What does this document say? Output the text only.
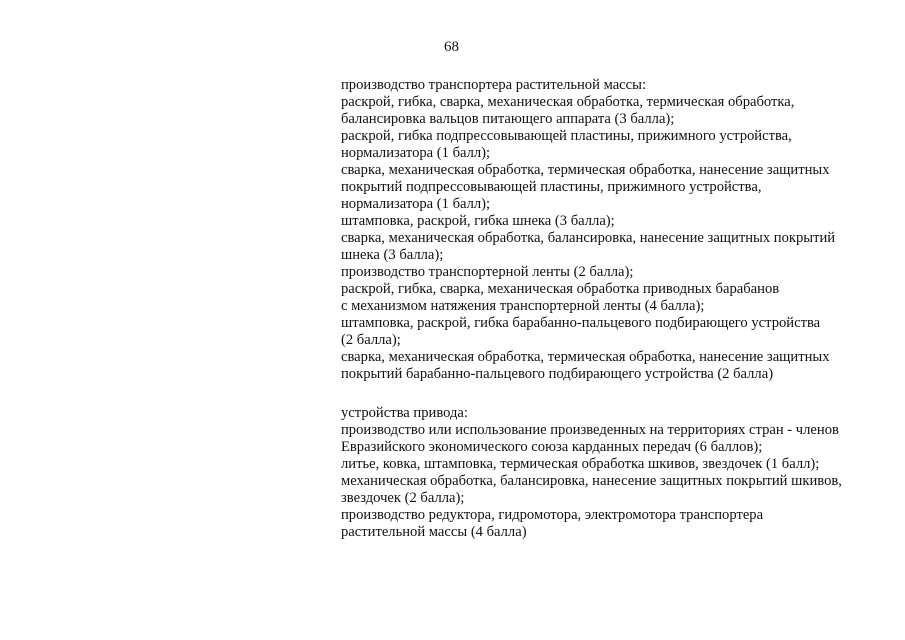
68
производство транспортера растительной массы:
раскрой, гибка, сварка, механическая обработка, термическая обработка,
балансировка вальцов питающего аппарата (3 балла);
раскрой, гибка подпрессовывающей пластины, прижимного устройства,
нормализатора (1 балл);
сварка, механическая обработка, термическая обработка, нанесение защитных
покрытий подпрессовывающей пластины, прижимного устройства,
нормализатора (1 балл);
штамповка, раскрой, гибка шнека (3 балла);
сварка, механическая обработка, балансировка, нанесение защитных покрытий
шнека (3 балла);
производство транспортерной ленты (2 балла);
раскрой, гибка, сварка, механическая обработка приводных барабанов
с механизмом натяжения транспортерной ленты (4 балла);
штамповка, раскрой, гибка барабанно-пальцевого подбирающего устройства
(2 балла);
сварка, механическая обработка, термическая обработка, нанесение защитных
покрытий барабанно-пальцевого подбирающего устройства (2 балла)
устройства привода:
производство или использование произведенных на территориях стран - членов
Евразийского экономического союза карданных передач (6 баллов);
литье, ковка, штамповка, термическая обработка шкивов, звездочек (1 балл);
механическая обработка, балансировка, нанесение защитных покрытий шкивов,
звездочек (2 балла);
производство редуктора, гидромотора, электромотора транспортера
растительной массы (4 балла)
